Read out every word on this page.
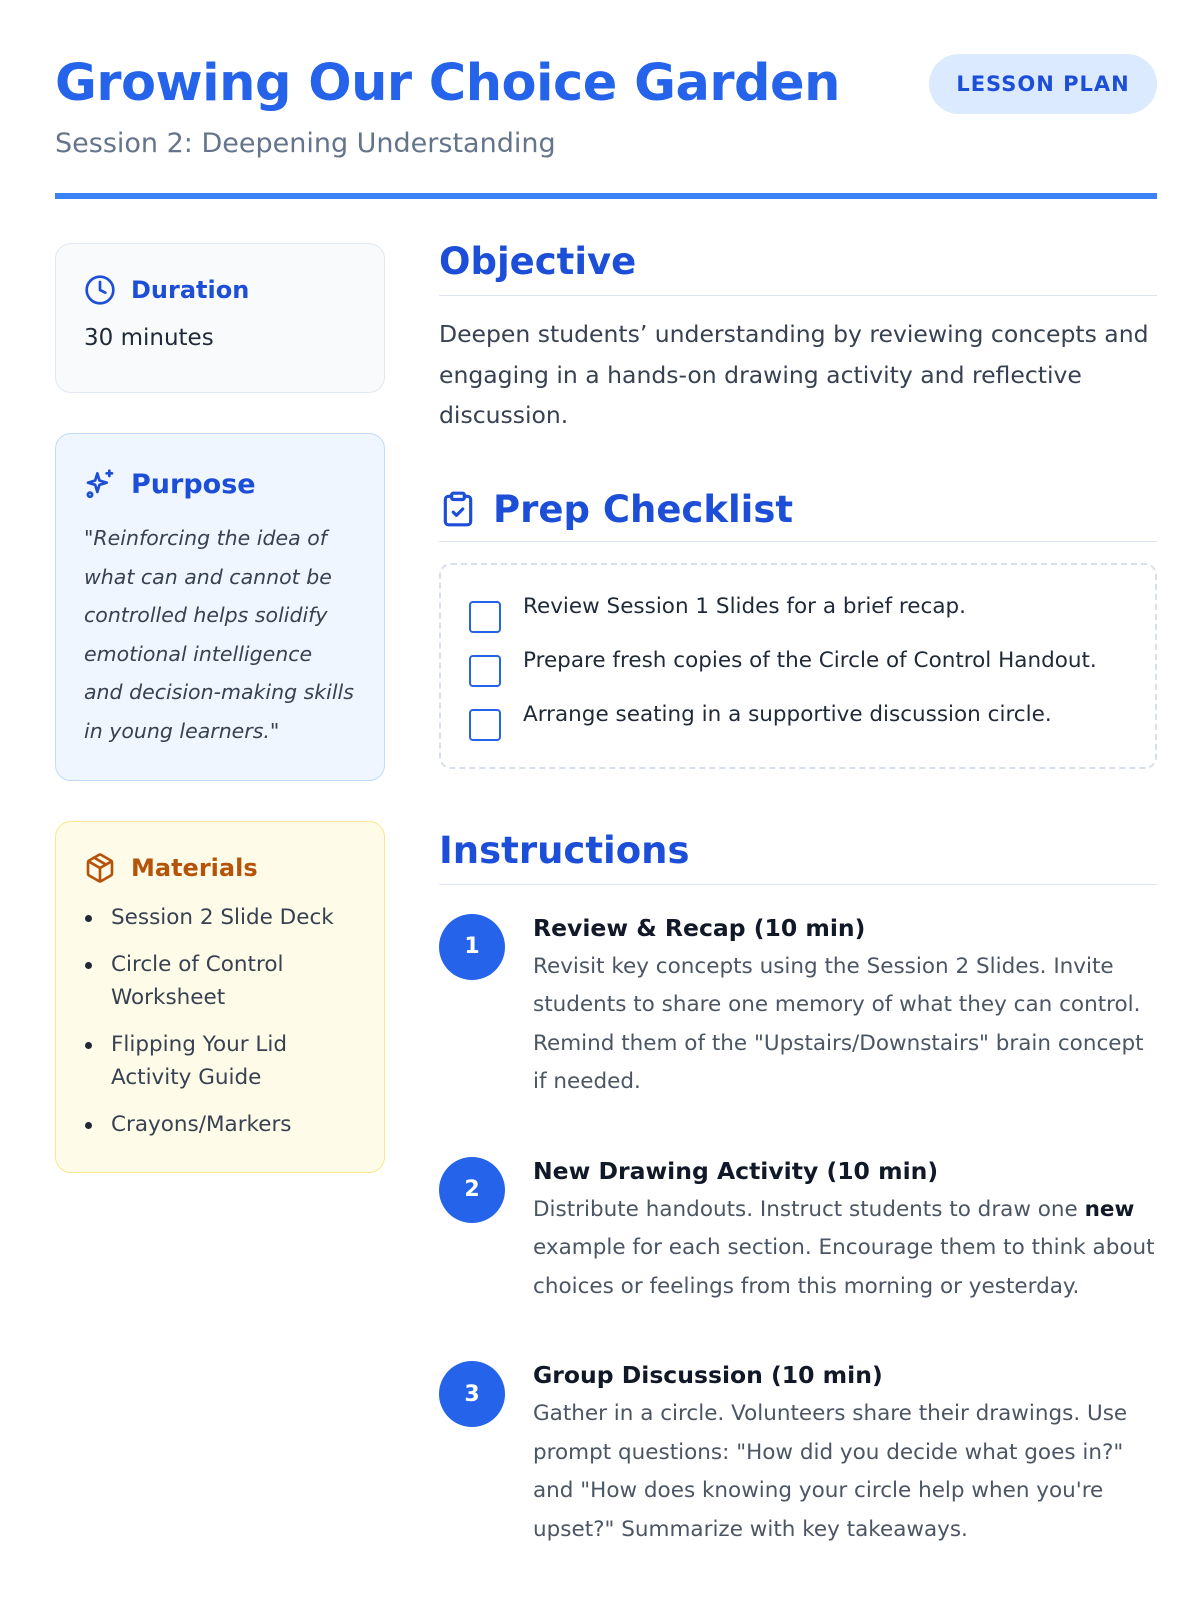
Growing Our Choice Garden
Session 2: Deepening Understanding
LESSON PLAN
Duration
30 minutes
Purpose
"Reinforcing the idea of what can and cannot be controlled helps solidify emotional intelligence and decision-making skills in young learners."
Materials
Session 2 Slide Deck
Circle of Control Worksheet
Flipping Your Lid Activity Guide
Crayons/Markers
Objective
Deepen students’ understanding by reviewing concepts and engaging in a hands-on drawing activity and reflective discussion.
Prep Checklist
Review Session 1 Slides for a brief recap.
Prepare fresh copies of the Circle of Control Handout.
Arrange seating in a supportive discussion circle.
Instructions
1
Review & Recap (10 min)
Revisit key concepts using the Session 2 Slides. Invite students to share one memory of what they can control. Remind them of the "Upstairs/Downstairs" brain concept if needed.
2
New Drawing Activity (10 min)
Distribute handouts. Instruct students to draw one new example for each section. Encourage them to think about choices or feelings from this morning or yesterday.
3
Group Discussion (10 min)
Gather in a circle. Volunteers share their drawings. Use prompt questions: "How did you decide what goes in?" and "How does knowing your circle help when you're upset?" Summarize with key takeaways.
